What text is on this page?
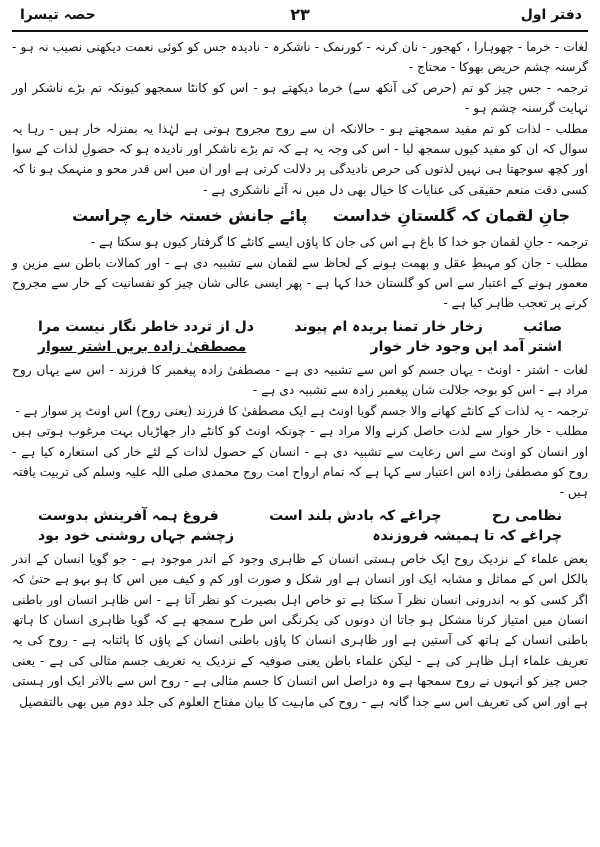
دفتر اول
۲۳
حصہ تیسرا
لغات - خرما - چھوہارا ، کھجور - نان کرنہ - کورنمک - ناشکرہ - نادیدہ جس کو کوئی نعمت دیکھنی نصیب نہ ہو - گرسنہ چشم حریص بھوکا - محتاج -
ترجمہ - جس چیز کو تم (حرص کی آنکھ سے) خرما دیکھتے ہو - اس کو کانٹا سمجھو کیونکہ تم بڑے ناشکر اور نہایت گرسنہ چشم ہو -
مطلب - لذات کو تم مفید سمجھتے ہو - حالانکہ ان سے روح مجروح ہوتی ہے لہٰذا یہ بمنزلہ خار ہیں - رہا یہ سوال کہ ان کو مفید کیوں سمجھ لیا - اس کی وجہ یہ ہے کہ تم بڑے ناشکر اور نادیدہ ہو کہ حصولِ لذات کے سوا اور کچھ سوجھتا ہی نہیں لذتوں کی حرص نادیدگی پر دلالت کرتی ہے اور ان میں اس قدر محو و منہمک ہو نا کہ کسی دقت منعم حقیقی کی عنایات کا خیال بھی دل میں نہ آئے ناشکری ہے -
جانِ لقمان کہ گلستانِ خداست
پائے جانش خستہ خارے چراست
ترجمہ - جانِ لقمان جو خدا کا باغ ہے اس کی جان کا پاؤں ایسے کانٹے کا گرفتار کیوں ہو سکتا ہے -
مطلب - جان کو مہبطِ عقل و بھمت ہونے کے لحاظ سے لقمان سے تشبیہ دی ہے - اور کمالات باطن سے مزین و معمور ہونے کے اعتبار سے اس کو گلستان خدا کہا ہے - پھر ایسی عالی شان چیز کو نفسانیت کے خار سے مجروح کرنے پر تعجب ظاہر کیا ہے -
صائب
زخار خار تمنا بریدہ ام پیوند
دل از تردد خاطر نگار نیست مرا
اشتر آمد ایں وجود خار خوار
مصطفیٰ زادہ بریں اشتر سوار
لغات - اشتر - اونٹ - یہاں جسم کو اس سے تشبیہ دی ہے - مصطفیٰ زادہ پیغمبر کا فرزند - اس سے یہاں روح مراد ہے - اس کو بوجہ جلالت شان پیغمبر زادہ سے تشبیہ دی ہے -
ترجمہ - یہ لذات کے کانٹے کھانے والا جسم گویا اونٹ ہے ایک مصطفیٰ کا فرزند (یعنی روح) اس اونٹ پر سوار ہے -
مطلب - خار خوار سے لذت حاصل کرنے والا مراد ہے - چونکہ اونٹ کو کانٹے دار جھاڑیاں بہت مرغوب ہوتی ہیں اور انسان کو اونٹ سے اس رعایت سے تشبیہ دی ہے - انسان کے حصول لذات کے لئے خار کی استعارہ کیا ہے - روح کو مصطفیٰ زادہ اس اعتبار سے کہا ہے کہ تمام ارواح امت روح محمدی صلی اللہ علیہ وسلم کی تربیت یافتہ ہیں -
نظامی رح
چراغے کہ بادش بلند است
فروغ ہمہ آفرینش بدوست
چراغے کہ تا ہمیشہ فروزندہ
زچشم جہاں روشنی خود بود
بعض علماء کے نزدیک روح ایک خاص ہستی انسان کے ظاہری وجود کے اندر موجود ہے - جو گویا انسان کے اندر بالکل اس کے مماثل و مشابہ ایک اور انسان ہے اور شکل و صورت اور کم و کیف میں اس کا ہو بہو ہے حتیٰ کہ اگر کسی کو بہ اندرونی انسان نظر آ سکتا ہے تو خاص اہل بصیرت کو نظر آتا ہے - اس ظاہر انسان اور باطنی انسان میں امتیاز کرنا مشکل ہو جاتا ان دونوں کی یکرنگی اس طرح سمجھ ہے کہ گویا ظاہری انسان کا ہاتھ باطنی انسان کے ہاتھ کی آستین ہے اور ظاہری انسان کا پاؤں باطنی انسان کے پاؤں کا پائتابہ ہے - روح کی یہ تعریف علماء اہل ظاہر کی ہے - لیکن علماء باطن یعنی صوفیہ کے نزدیک یہ تعریف جسم مثالی کی ہے - یعنی جس چیز کو انہوں نے روح سمجھا ہے وہ دراصل اس انسان کا جسم مثالی ہے - روح اس سے بالاتر ایک اور ہستی ہے اور اس کی تعریف اس سے جدا گانہ ہے - روح کی ماہیت کا بیان مفتاح العلوم کی جلد دوم میں بھی بالتفصیل
